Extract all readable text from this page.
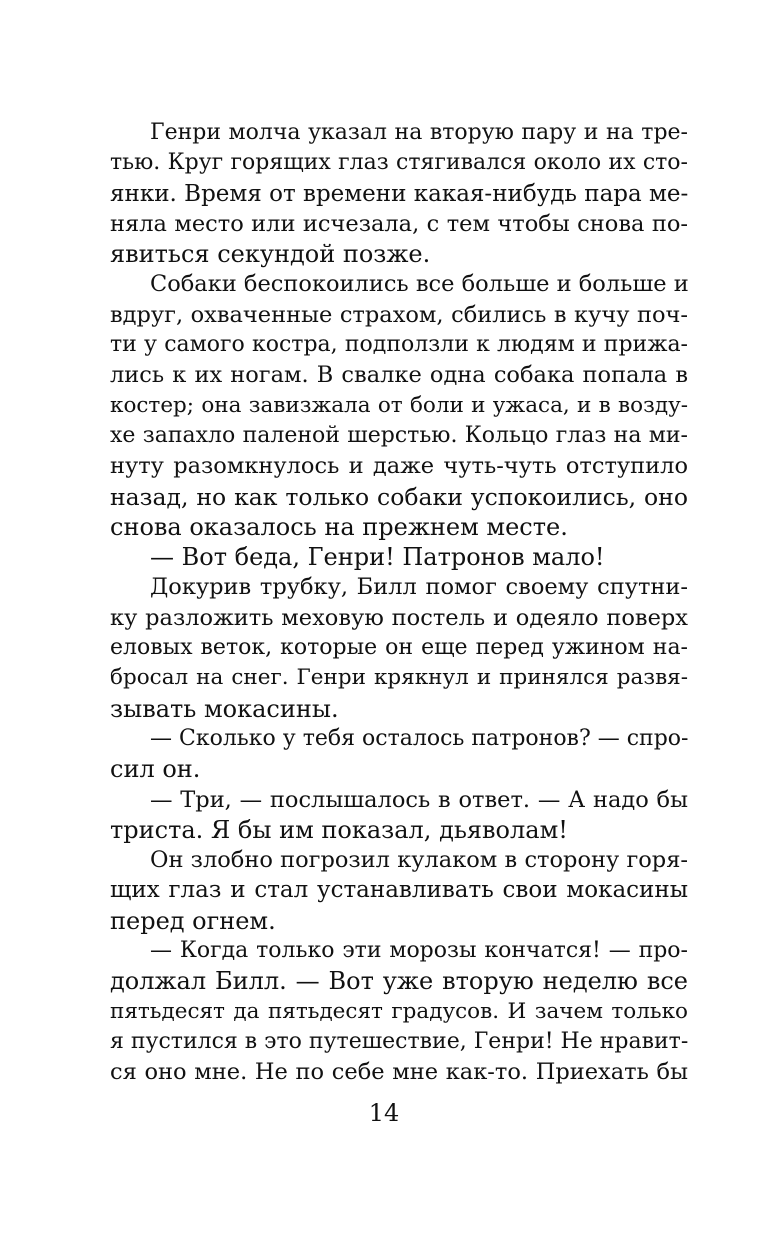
Генри молча указал на вторую пару и на тре-
тью. Круг горящих глаз стягивался около их сто-
янки. Время от времени какая-нибудь пара ме-
няла место или исчезала, с тем чтобы снова по-
явиться секундой позже.
Собаки беспокоились все больше и больше и
вдруг, охваченные страхом, сбились в кучу поч-
ти у самого костра, подползли к людям и прижа-
лись к их ногам. В свалке одна собака попала в
костер; она завизжала от боли и ужаса, и в возду-
хе запахло паленой шерстью. Кольцо глаз на ми-
нуту разомкнулось и даже чуть-чуть отступило
назад, но как только собаки успокоились, оно
снова оказалось на прежнем месте.
— Вот беда, Генри! Патронов мало!
Докурив трубку, Билл помог своему спутни-
ку разложить меховую постель и одеяло поверх
еловых веток, которые он еще перед ужином на-
бросал на снег. Генри крякнул и принялся развя-
зывать мокасины.
— Сколько у тебя осталось патронов? — спро-
сил он.
— Три, — послышалось в ответ. — А надо бы
триста. Я бы им показал, дьяволам!
Он злобно погрозил кулаком в сторону горя-
щих глаз и стал устанавливать свои мокасины
перед огнем.
— Когда только эти морозы кончатся! — про-
должал Билл. — Вот уже вторую неделю все
пятьдесят да пятьдесят градусов. И зачем только
я пустился в это путешествие, Генри! Не нравит-
ся оно мне. Не по себе мне как-то. Приехать бы
14
